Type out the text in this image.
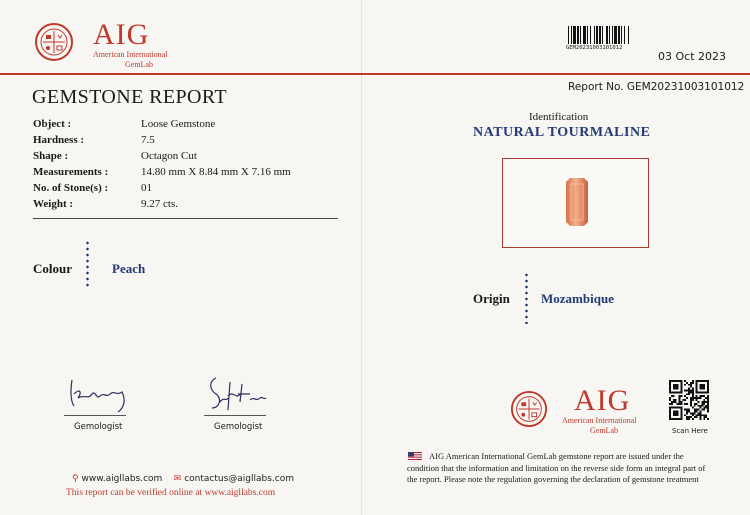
AIG
American International
GemLab
GEM20231003101012
03 Oct 2023
GEMSTONE REPORT	Report No. GEM20231003101012
Object :	Loose Gemstone
Hardness :	7.5
Shape :	Octagon Cut
Measurements :	14.80 mm X 8.84 mm X 7.16 mm
No. of Stone(s) :	01
Weight :	9.27 cts.
Colour	Peach
Gemologist	Gemologist
⚲ www.aigllabs.com ✉ contactus@aigllabs.com
This report can be verified online at www.aigllabs.com
Identification
NATURAL TOURMALINE
Origin Mozambique
AIG
American International
GemLab	Scan Here
AIG American International GemLab gemstone report are issued under the condition that the information and limitation on the reverse side form an integral part of the report. Please note the regulation governing the declaration of gemstone treatment
